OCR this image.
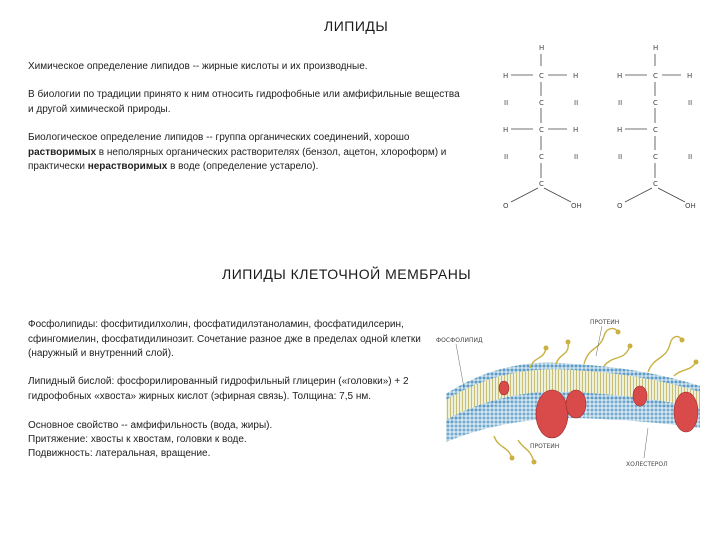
ЛИПИДЫ
Химическое определение липидов -- жирные кислоты и их производные.
В биологии по традиции принято к ним относить гидрофобные или амфифильные вещества и другой химической природы.
Биологическое определение липидов -- группа органических соединений, хорошо растворимых в неполярных органических растворителях (бензол, ацетон, хлороформ) и практически нерастворимых в воде (определение устарело).
H
H	C	H
II	C	II
H	C	H
II	C	II
C
O	OH
H
H	C	H
II	C	II
H	C
II	C	II
C
O	OH
ЛИПИДЫ КЛЕТОЧНОЙ МЕМБРАНЫ
Фосфолипиды: фосфитидилхолин, фосфатидилэтаноламин, фосфатидилсерин, сфингомиелин, фосфатидилинозит. Сочетание разное дже в пределах одной клетки (наружный и внутренний слой).
Липидный бислой: фосфорилированный гидрофильный глицерин («головки») + 2 гидрофобных «хвоста» жирных кислот (эфирная связь). Толщина: 7,5 нм.
Основное свойство -- амфифильность (вода, жиры).
Притяжение: хвосты к хвостам, головки к воде.
Подвижность: латеральная, вращение.
ПРОТЕИН
ФОСФОЛИПИД
ПРОТЕИН
ХОЛЕСТЕРОЛ
